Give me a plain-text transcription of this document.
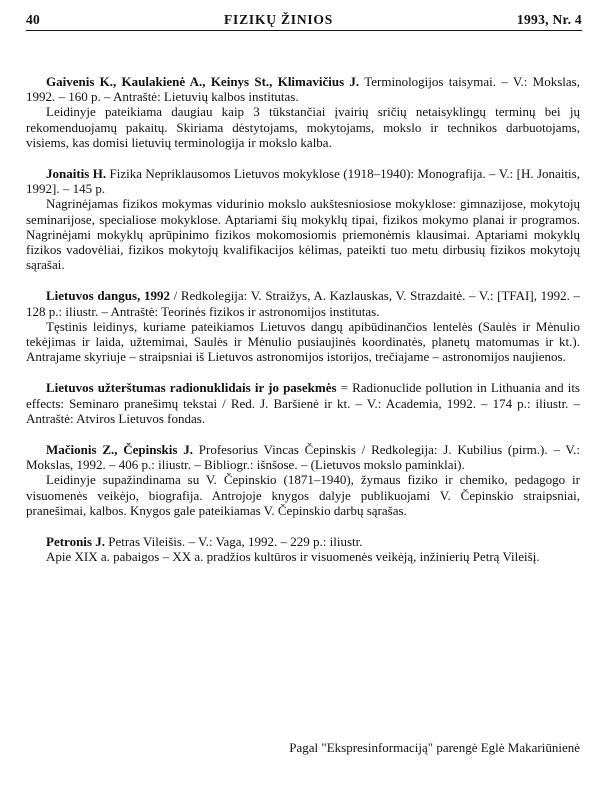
40	FIZIKŲ ŽINIOS	1993, Nr. 4

Gaivenis K., Kaulakienė A., Keinys St., Klimavičius J. Terminologijos taisymai. – V.: Mokslas, 1992. – 160 p. – Antraštė: Lietuvių kalbos institutas.

Leidinyje pateikiama daugiau kaip 3 tūkstančiai įvairių sričių netaisyklingų terminų bei jų rekomenduojamų pakaitų. Skiriama dėstytojams, mokytojams, mokslo ir technikos darbuotojams, visiems, kas domisi lietuvių terminologija ir mokslo kalba.

Jonaitis H. Fizika Nepriklausomos Lietuvos mokyklose (1918–1940): Monografija. – V.: [H. Jonaitis, 1992]. – 145 p.

Nagrinėjamas fizikos mokymas vidurinio mokslo aukštesniosiose mokyklose: gimnazijose, mokytojų seminarijose, specialiose mokyklose. Aptariami šių mokyklų tipai, fizikos mokymo planai ir programos. Nagrinėjami mokyklų aprūpinimo fizikos mokomosiomis priemonėmis klausimai. Aptariami mokyklų fizikos vadovėliai, fizikos mokytojų kvalifikacijos kėlimas, pateikti tuo metu dirbusių fizikos mokytojų sąrašai.

Lietuvos dangus, 1992 / Redkolegija: V. Straižys, A. Kazlauskas, V. Strazdaitė. – V.: [TFAI], 1992. – 128 p.: iliustr. – Antraštė: Teorinės fizikos ir astronomijos institutas.

Tęstinis leidinys, kuriame pateikiamos Lietuvos dangų apibūdinančios lentelės (Saulės ir Mėnulio tekėjimas ir laida, užtemimai, Saulės ir Mėnulio pusiaujinės koordinatės, planetų matomumas ir kt.). Antrajame skyriuje – straipsniai iš Lietuvos astronomijos istorijos, trečiajame – astronomijos naujienos.

Lietuvos užterštumas radionuklidais ir jo pasekmės = Radionuclide pollution in Lithuania and its effects: Seminaro pranešimų tekstai / Red. J. Baršienė ir kt. – V.: Academia, 1992. – 174 p.: iliustr. – Antraštė: Atviros Lietuvos fondas.

Mačionis Z., Čepinskis J. Profesorius Vincas Čepinskis / Redkolegija: J. Kubilius (pirm.). – V.: Mokslas, 1992. – 406 p.: iliustr. – Bibliogr.: išnšose. – (Lietuvos mokslo paminklai).

Leidinyje supažindinama su V. Čepinskio (1871–1940), žymaus fiziko ir chemiko, pedagogo ir visuomenės veikėjo, biografija. Antrojoje knygos dalyje publikuojami V. Čepinskio straipsniai, pranešimai, kalbos. Knygos gale pateikiamas V. Čepinskio darbų sąrašas.

Petronis J. Petras Vileišis. – V.: Vaga, 1992. – 229 p.: iliustr.

Apie XIX a. pabaigos – XX a. pradžios kultūros ir visuomenės veikėją, inžinierių Petrą Vileišį.

Pagal "Ekspresinformaciją" parengė Eglė Makariūnienė
